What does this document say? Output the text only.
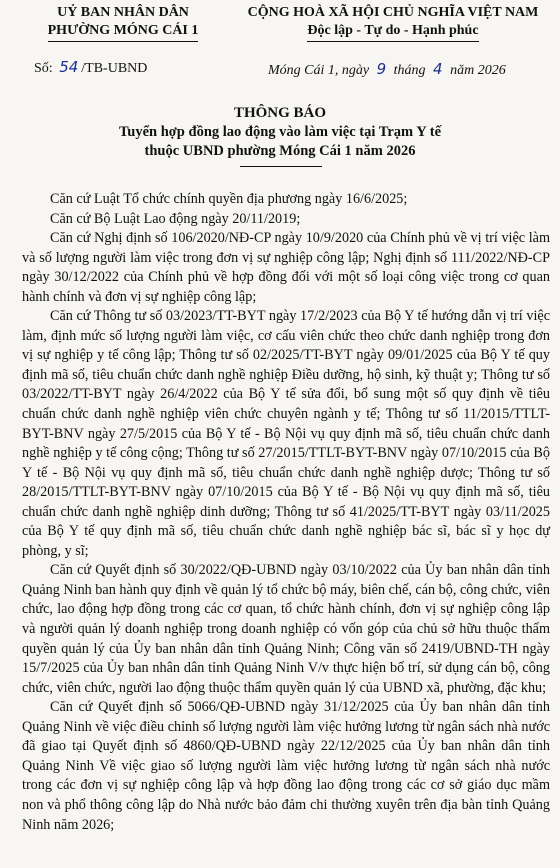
UỶ BAN NHÂN DÂN
PHƯỜNG MÓNG CÁI 1
Số: 54 /TB-UBND
CỘNG HOÀ XÃ HỘI CHỦ NGHĨA VIỆT NAM
Độc lập - Tự do - Hạnh phúc
Móng Cái 1, ngày 9 tháng 4 năm 2026
THÔNG BÁO
Tuyển hợp đồng lao động vào làm việc tại Trạm Y tế
thuộc UBND phường Móng Cái 1 năm 2026

Căn cứ Luật Tổ chức chính quyền địa phương ngày 16/6/2025;

Căn cứ Bộ Luật Lao động ngày 20/11/2019;

Căn cứ Nghị định số 106/2020/NĐ-CP ngày 10/9/2020 của Chính phủ về vị trí việc làm và số lượng người làm việc trong đơn vị sự nghiệp công lập; Nghị định số 111/2022/NĐ-CP ngày 30/12/2022 của Chính phủ về hợp đồng đối với một số loại công việc trong cơ quan hành chính và đơn vị sự nghiệp công lập;

Căn cứ Thông tư số 03/2023/TT-BYT ngày 17/2/2023 của Bộ Y tế hướng dẫn vị trí việc làm, định mức số lượng người làm việc, cơ cấu viên chức theo chức danh nghiệp trong đơn vị sự nghiệp y tế công lập; Thông tư số 02/2025/TT-BYT ngày 09/01/2025 của Bộ Y tế quy định mã số, tiêu chuẩn chức danh nghề nghiệp Điều dưỡng, hộ sinh, kỹ thuật y; Thông tư số 03/2022/TT-BYT ngày 26/4/2022 của Bộ Y tế sửa đổi, bổ sung một số quy định về tiêu chuẩn chức danh nghề nghiệp viên chức chuyên ngành y tế; Thông tư số 11/2015/TTLT-BYT-BNV ngày 27/5/2015 của Bộ Y tế - Bộ Nội vụ quy định mã số, tiêu chuẩn chức danh nghề nghiệp y tế công cộng; Thông tư số 27/2015/TTLT-BYT-BNV ngày 07/10/2015 của Bộ Y tế - Bộ Nội vụ quy định mã số, tiêu chuẩn chức danh nghề nghiệp dược; Thông tư số 28/2015/TTLT-BYT-BNV ngày 07/10/2015 của Bộ Y tế - Bộ Nội vụ quy định mã số, tiêu chuẩn chức danh nghề nghiệp dinh dưỡng; Thông tư số 41/2025/TT-BYT ngày 03/11/2025 của Bộ Y tế quy định mã số, tiêu chuẩn chức danh nghề nghiệp bác sĩ, bác sĩ y học dự phòng, y sĩ;

Căn cứ Quyết định số 30/2022/QĐ-UBND ngày 03/10/2022 của Ủy ban nhân dân tỉnh Quảng Ninh ban hành quy định về quản lý tổ chức bộ máy, biên chế, cán bộ, công chức, viên chức, lao động hợp đồng trong các cơ quan, tổ chức hành chính, đơn vị sự nghiệp công lập và người quản lý doanh nghiệp trong doanh nghiệp có vốn góp của chủ sở hữu thuộc thẩm quyền quản lý của Ủy ban nhân dân tỉnh Quảng Ninh; Công văn số 2419/UBND-TH ngày 15/7/2025 của Ủy ban nhân dân tỉnh Quảng Ninh V/v thực hiện bố trí, sử dụng cán bộ, công chức, viên chức, người lao động thuộc thẩm quyền quản lý của UBND xã, phường, đặc khu;

Căn cứ Quyết định số 5066/QĐ-UBND ngày 31/12/2025 của Ủy ban nhân dân tỉnh Quảng Ninh về việc điều chỉnh số lượng người làm việc hưởng lương từ ngân sách nhà nước đã giao tại Quyết định số 4860/QĐ-UBND ngày 22/12/2025 của Ủy ban nhân dân tỉnh Quảng Ninh Về việc giao số lượng người làm việc hưởng lương từ ngân sách nhà nước trong các đơn vị sự nghiệp công lập và hợp đồng lao động trong các cơ sở giáo dục mầm non và phổ thông công lập do Nhà nước bảo đảm chi thường xuyên trên địa bàn tỉnh Quảng Ninh năm 2026;
